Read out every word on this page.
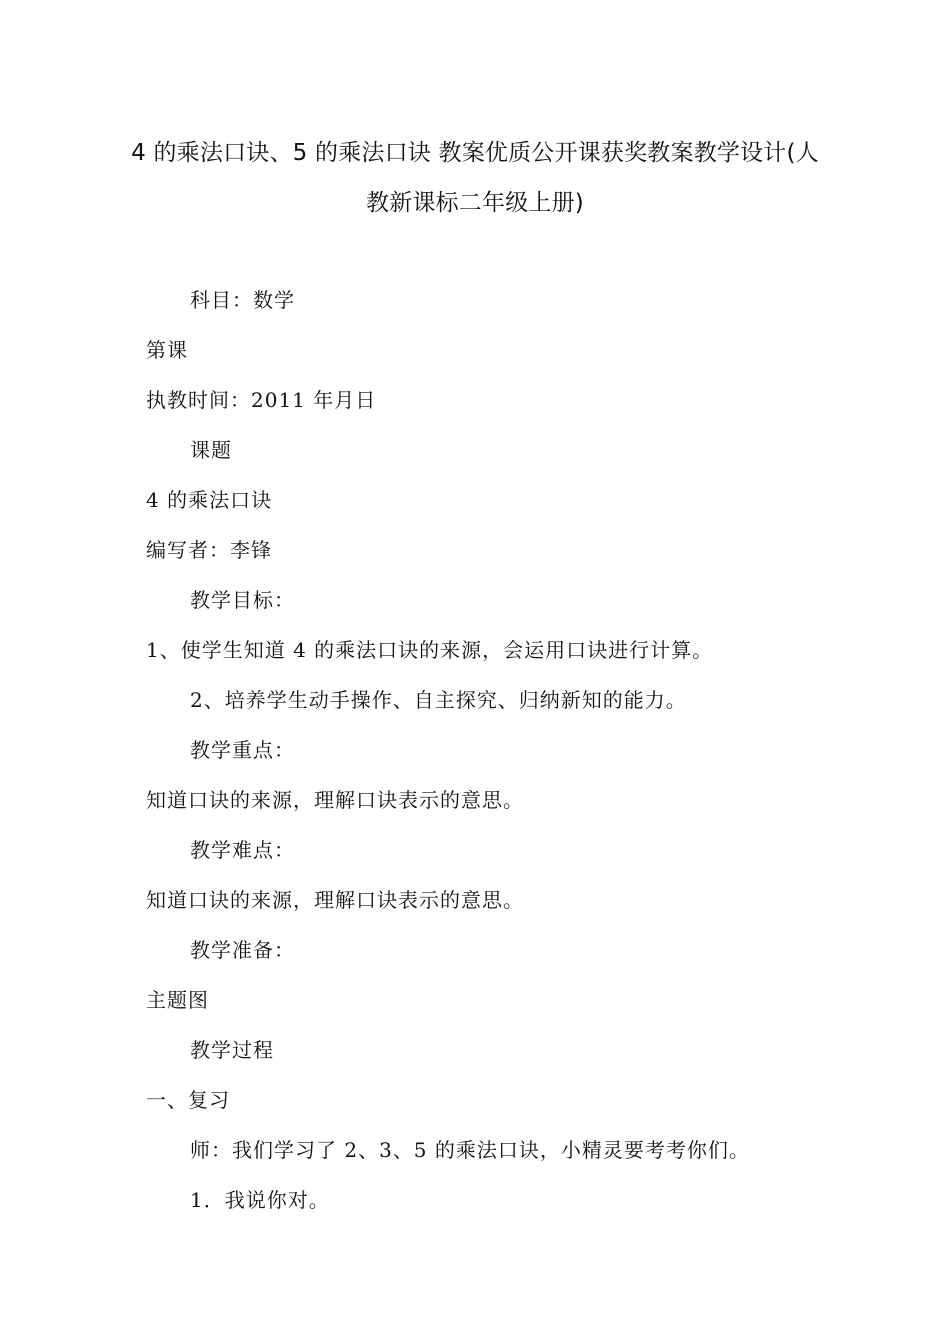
4 的乘法口诀、5 的乘法口诀 教案优质公开课获奖教案教学设计(人
教新课标二年级上册)
科目：数学
第课
执教时间：2011 年月日
课题
4 的乘法口诀
编写者：李锋
教学目标：
1、使学生知道 4 的乘法口诀的来源，会运用口诀进行计算。
2、培养学生动手操作、自主探究、归纳新知的能力。
教学重点：
知道口诀的来源，理解口诀表示的意思。
教学难点：
知道口诀的来源，理解口诀表示的意思。
教学准备：
主题图
教学过程
一、复习
师：我们学习了 2、3、5 的乘法口诀，小精灵要考考你们。
1．我说你对。
